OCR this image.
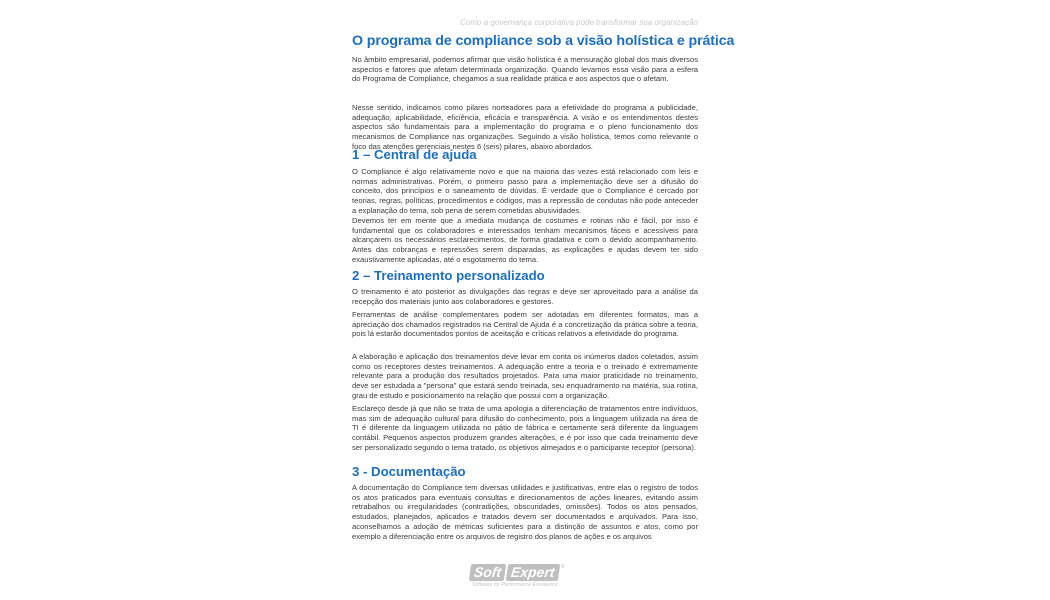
Como a governança corporativa pode transformar sua organização
O programa de compliance sob a visão holística e prática

No âmbito empresarial, podemos afirmar que visão holística é a mensuração global dos mais diversos aspectos e fatores que afetam determinada organização. Quando levamos essa visão para a esfera do Programa de Compliance, chegamos a sua realidade prática e aos aspectos que o afetam.

Nesse sentido, indicamos como pilares norteadores para a efetividade do programa a publicidade, adequação, aplicabilidade, eficiência, eficácia e transparência. A visão e os entendimentos destes aspectos são fundamentais para a implementação do programa e o pleno funcionamento dos mecanismos de Compliance nas organizações. Seguindo a visão holística, temos como relevante o foco das atenções gerenciais nestes 6 (seis) pilares, abaixo abordados.

1 – Central de ajuda

O Compliance é algo relativamente novo e que na maioria das vezes está relacionado com leis e normas administrativas. Porém, o primeiro passo para a implementação deve ser a difusão do conceito, dos princípios e o saneamento de dúvidas. É verdade que o Compliance é cercado por teorias, regras, políticas, procedimentos e códigos, mas a repressão de condutas não pode anteceder a explanação do tema, sob pena de serem cometidas abusividades.

Devemos ter em mente que a imediata mudança de costumes e rotinas não é fácil, por isso é fundamental que os colaboradores e interessados tenham mecanismos fáceis e acessíveis para alcançarem os necessários esclarecimentos, de forma gradativa e com o devido acompanhamento. Antes das cobranças e repressões serem disparadas, as explicações e ajudas devem ter sido exaustivamente aplicadas, até o esgotamento do tema.

2 – Treinamento personalizado

O treinamento é ato posterior as divulgações das regras e deve ser aproveitado para a análise da recepção dos materiais junto aos colaboradores e gestores.

Ferramentas de análise complementares podem ser adotadas em diferentes formatos, mas a apreciação dos chamados registrados na Central de Ajuda é a concretização da prática sobre a teoria, pois lá estarão documentados pontos de aceitação e críticas relativos a efetividade do programa.

A elaboração e aplicação dos treinamentos deve levar em conta os inúmeros dados coletados, assim como os receptores destes treinamentos. A adequação entre a teoria e o treinado é extremamente relevante para a produção dos resultados projetados. Para uma maior praticidade no treinamento, deve ser estudada a "persona" que estará sendo treinada, seu enquadramento na matéria, sua rotina, grau de estudo e posicionamento na relação que possui com a organização.

Esclareço desde já que não se trata de uma apologia a diferenciação de tratamentos entre indivíduos, mas sim de adequação cultural para difusão do conhecimento, pois a linguagem utilizada na área de TI é diferente da linguagem utilizada no pátio de fábrica e certamente será diferente da linguagem contábil. Pequenos aspectos produzem grandes alterações, e é por isso que cada treinamento deve ser personalizado segundo o tema tratado, os objetivos almejados e o participante receptor (persona).

3 - Documentação

A documentação do Compliance tem diversas utilidades e justificativas, entre elas o registro de todos os atos praticados para eventuais consultas e direcionamentos de ações lineares, evitando assim retrabalhos ou irregularidades (contradições, obscuridades, omissões). Todos os atos pensados, estudados, planejados, aplicados e tratados devem ser documentados e arquivados. Para isso, aconselhamos a adoção de métricas suficientes para a distinção de assuntos e atos, como por exemplo a diferenciação entre os arquivos de registro dos planos de ações e os arquivos

Soft Expert ®
Software for Performance Excellence
